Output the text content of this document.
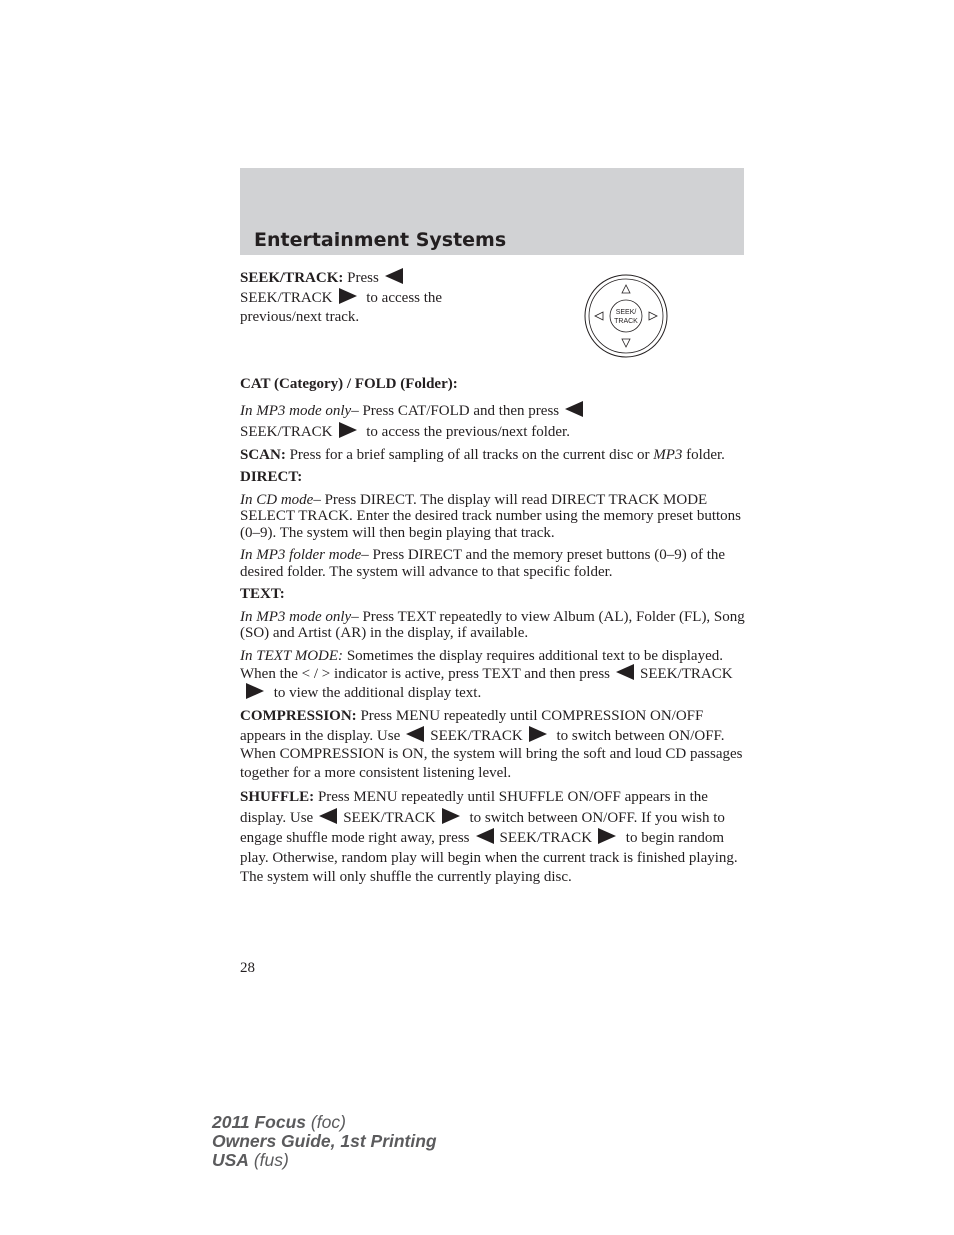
Entertainment Systems
SEEK/TRACK: Press
SEEK/TRACK to access the
previous/next track.	SEEK/
TRACK

CAT (Category) / FOLD (Folder):

In MP3 mode only– Press CAT/FOLD and then press
SEEK/TRACK to access the previous/next folder.

SCAN: Press for a brief sampling of all tracks on the current disc or MP3 folder.

DIRECT:

In CD mode– Press DIRECT. The display will read DIRECT TRACK MODE SELECT TRACK. Enter the desired track number using the memory preset buttons (0–9). The system will then begin playing that track.

In MP3 folder mode– Press DIRECT and the memory preset buttons (0–9) of the desired folder. The system will advance to that specific folder.

TEXT:

In MP3 mode only– Press TEXT repeatedly to view Album (AL), Folder (FL), Song (SO) and Artist (AR) in the display, if available.

In TEXT MODE: Sometimes the display requires additional text to be displayed. When the < / > indicator is active, press TEXT and then press SEEK/TRACK to view the additional display text.

COMPRESSION: Press MENU repeatedly until COMPRESSION ON/OFF appears in the display. Use SEEK/TRACK to switch between ON/OFF. When COMPRESSION is ON, the system will bring the soft and loud CD passages together for a more consistent listening level.

SHUFFLE: Press MENU repeatedly until SHUFFLE ON/OFF appears in the display. Use SEEK/TRACK to switch between ON/OFF. If you wish to engage shuffle mode right away, press SEEK/TRACK to begin random play. Otherwise, random play will begin when the current track is finished playing. The system will only shuffle the currently playing disc.

28
2011 Focus (foc)
Owners Guide, 1st Printing
USA (fus)
